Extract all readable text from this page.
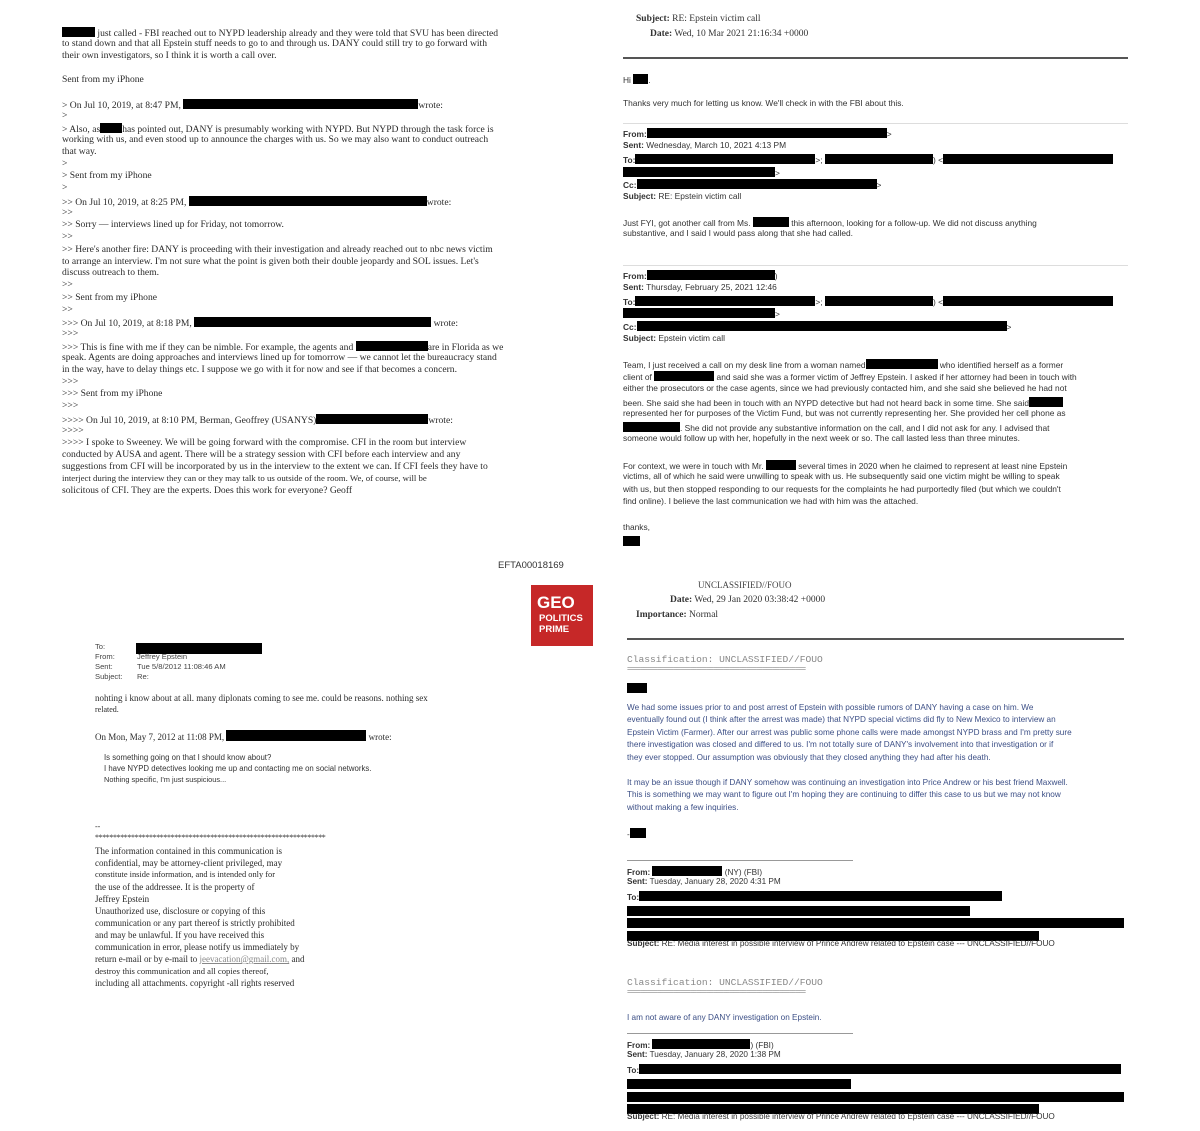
just called - FBI reached out to NYPD leadership already and they were told that SVU has been directed
to stand down and that all Epstein stuff needs to go to and through us. DANY could still try to go forward with
their own investigators, so I think it is worth a call over.
Sent from my iPhone
> On Jul 10, 2019, at 8:47 PM,	wrote:
>
> Also, as has pointed out, DANY is presumably working with NYPD. But NYPD through the task force is
working with us, and even stood up to announce the charges with us. So we may also want to conduct outreach
that way.
>
> Sent from my iPhone
>
>> On Jul 10, 2019, at 8:25 PM,	wrote:
>>
>> Sorry — interviews lined up for Friday, not tomorrow.
>>
>> Here's another fire: DANY is proceeding with their investigation and already reached out to nbc news victim
to arrange an interview. I'm not sure what the point is given both their double jeopardy and SOL issues. Let's
discuss outreach to them.
>>
>> Sent from my iPhone
>>
>>> On Jul 10, 2019, at 8:18 PM,	wrote:
>>>
>>> This is fine with me if they can be nimble. For example, the agents and	are in Florida as we
speak. Agents are doing approaches and interviews lined up for tomorrow — we cannot let the bureaucracy stand
in the way, have to delay things etc. I suppose we go with it for now and see if that becomes a concern.
>>>
>>> Sent from my iPhone
>>>
>>>> On Jul 10, 2019, at 8:10 PM, Berman, Geoffrey (USANYS)	wrote:
>>>>
>>>> I spoke to Sweeney. We will be going forward with the compromise. CFI in the room but interview
conducted by AUSA and agent. There will be a strategy session with CFI before each interview and any
suggestions from CFI will be incorporated by us in the interview to the extent we can. If CFI feels they have to
interject during the interview they can or they may talk to us outside of the room. We, of course, will be
solicitous of CFI. They are the experts. Does this work for everyone? Geoff
EFTA00018169
GEO
POLITICS
PRIME
Subject: RE: Epstein victim call
Date: Wed, 10 Mar 2021 21:16:34 +0000
Hi .
Thanks very much for letting us know. We'll check in with the FBI about this.
From:	>
Sent: Wednesday, March 10, 2021 4:13 PM
To:	>;	) <
>
Cc:	>
Subject: RE: Epstein victim call
Just FYI, got another call from Ms.	this afternoon, looking for a follow-up. We did not discuss anything
substantive, and I said I would pass along that she had called.
From:	)
Sent: Thursday, February 25, 2021 12:46
To:	>;	) <
>
Cc:	>
Subject: Epstein victim call
Team, I just received a call on my desk line from a woman named	who identified herself as a former
client of	and said she was a former victim of Jeffrey Epstein. I asked if her attorney had been in touch with
either the prosecutors or the case agents, since we had previously contacted him, and she said she believed he had not
been. She said she had been in touch with an NYPD detective but had not heard back in some time. She said
represented her for purposes of the Victim Fund, but was not currently representing her. She provided her cell phone as
. She did not provide any substantive information on the call, and I did not ask for any. I advised that
someone would follow up with her, hopefully in the next week or so. The call lasted less than three minutes.
For context, we were in touch with Mr.	several times in 2020 when he claimed to represent at least nine Epstein
victims, all of which he said were unwilling to speak with us. He subsequently said one victim might be willing to speak
with us, but then stopped responding to our requests for the complaints he had purportedly filed (but which we couldn't
find online). I believe the last communication we had with him was the attached.
thanks,
To:
From:	Jeffrey Epstein
Sent:	Tue 5/8/2012 11:08:46 AM
Subject: Re:
nohting i know about at all. many diplonats coming to see me. could be reasons. nothing sex
related.
On Mon, May 7, 2012 at 11:08 PM,	wrote:
Is something going on that I should know about?
I have NYPD detectives looking me up and contacting me on social networks.
Nothing specific, I'm just suspicious...
--
****************************************************************
The information contained in this communication is
confidential, may be attorney-client privileged, may
constitute inside information, and is intended only for
the use of the addressee. It is the property of
Jeffrey Epstein
Unauthorized use, disclosure or copying of this
communication or any part thereof is strictly prohibited
and may be unlawful. If you have received this
communication in error, please notify us immediately by
return e-mail or by e-mail to jeevacation@gmail.com, and
destroy this communication and all copies thereof,
including all attachments. copyright -all rights reserved
UNCLASSIFIED//FOUO
Date: Wed, 29 Jan 2020 03:38:42 +0000
Importance: Normal
Classification: UNCLASSIFIED//FOUO
======================================================
We had some issues prior to and post arrest of Epstein with possible rumors of DANY having a case on him. We
eventually found out (I think after the arrest was made) that NYPD special victims did fly to New Mexico to interview an
Epstein Victim (Farmer). After our arrest was public some phone calls were made amongst NYPD brass and I'm pretty sure
there investigation was closed and differed to us. I'm not totally sure of DANY's involvement into that investigation or if
they ever stopped. Our assumption was obviously that they closed anything they had after his death.
It may be an issue though if DANY somehow was continuing an investigation into Price Andrew or his best friend Maxwell.
This is something we may want to figure out I'm hoping they are continuing to differ this case to us but we may not know
without making a few inquiries.
-
From:	(NY) (FBI)
Sent: Tuesday, January 28, 2020 4:31 PM
To:
Subject: RE: Media interest in possible interview of Prince Andrew related to Epstein case --- UNCLASSIFIED//FOUO
Classification: UNCLASSIFIED//FOUO
======================================================
I am not aware of any DANY investigation on Epstein.
From:	) (FBI)
Sent: Tuesday, January 28, 2020 1:38 PM
To:
Subject: RE: Media interest in possible interview of Prince Andrew related to Epstein case --- UNCLASSIFIED//FOUO
